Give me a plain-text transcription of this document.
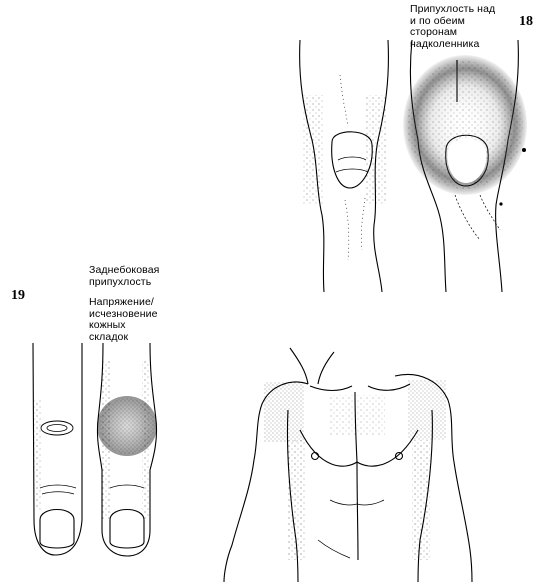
18
19
Припухлость над
и по обеим
сторонам
надколенника
Заднебоковая
припухлость
Напряжение/
исчезновение
кожных
складок
